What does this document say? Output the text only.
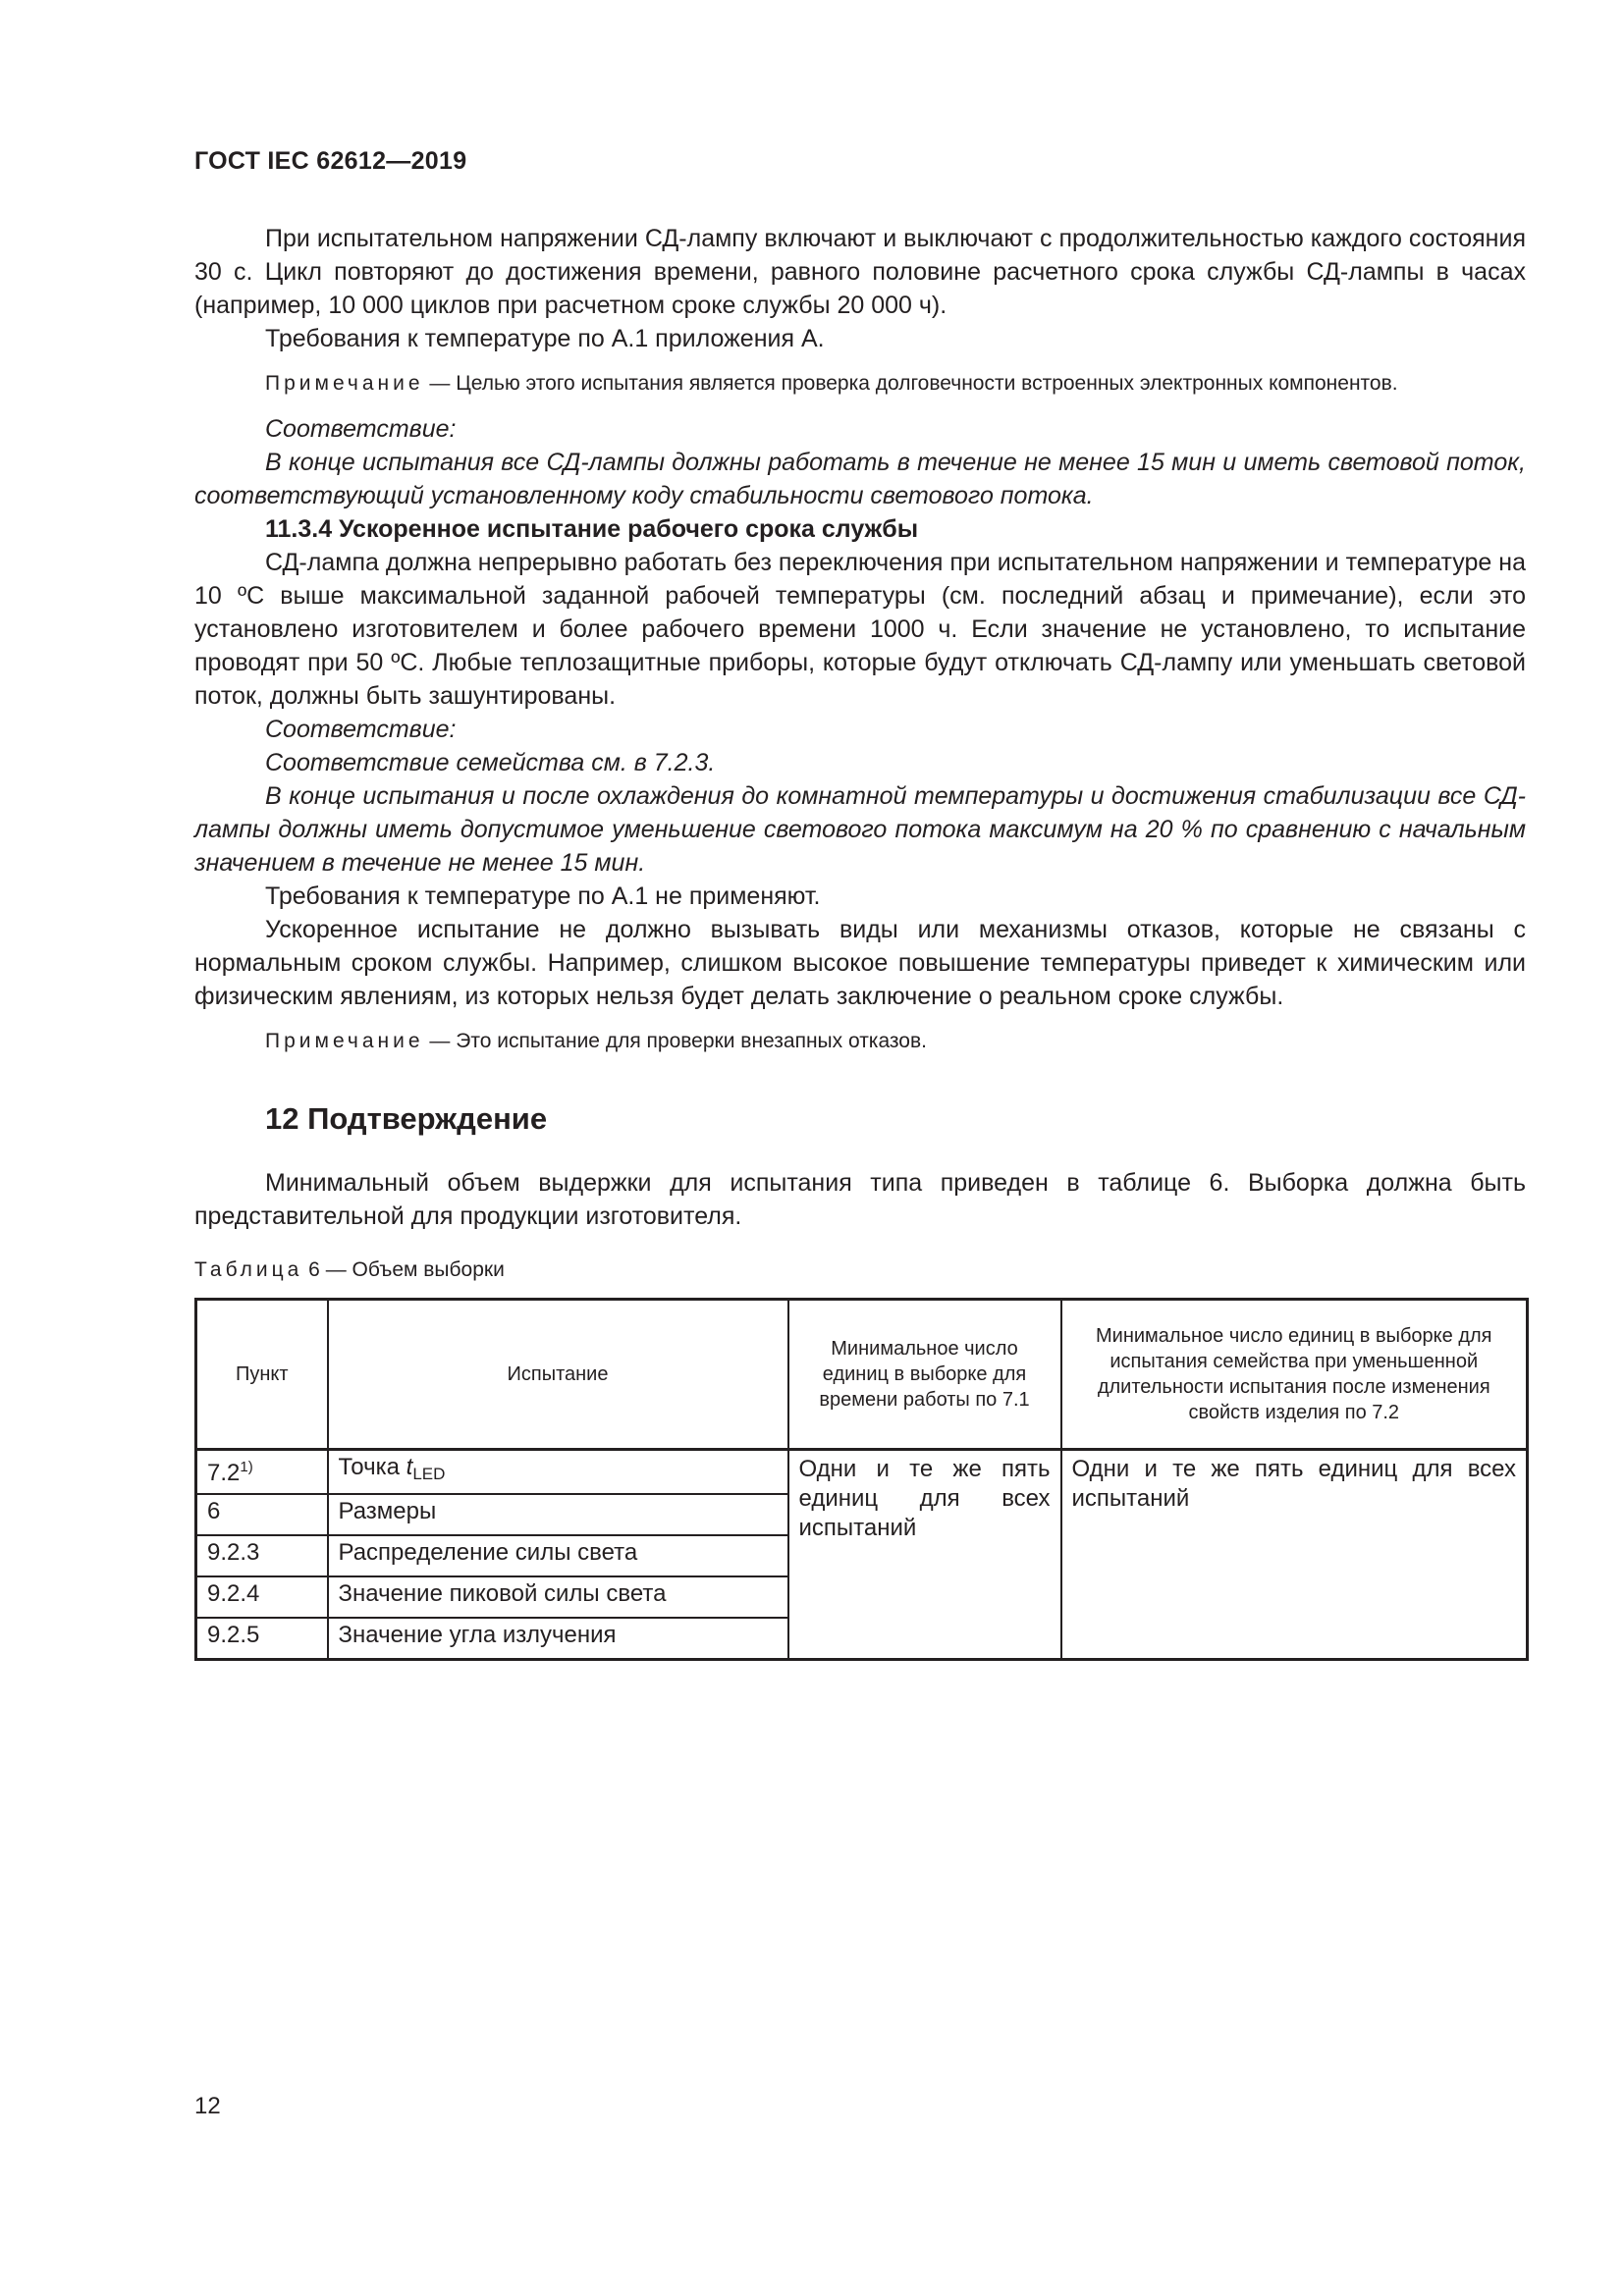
ГОСТ IEC 62612—2019

При испытательном напряжении СД-лампу включают и выключают с продолжительностью каждого состояния 30 с. Цикл повторяют до достижения времени, равного половине расчетного срока службы СД-лампы в часах (например, 10 000 циклов при расчетном сроке службы 20 000 ч).

Требования к температуре по А.1 приложения А.

Примечание — Целью этого испытания является проверка долговечности встроенных электронных компонентов.

Соответствие:

В конце испытания все СД-лампы должны работать в течение не менее 15 мин и иметь световой поток, соответствующий установленному коду стабильности светового потока.

11.3.4 Ускоренное испытание рабочего срока службы

СД-лампа должна непрерывно работать без переключения при испытательном напряжении и температуре на 10 ºС выше максимальной заданной рабочей температуры (см. последний абзац и примечание), если это установлено изготовителем и более рабочего времени 1000 ч. Если значение не установлено, то испытание проводят при 50 ºС. Любые теплозащитные приборы, которые будут отключать СД-лампу или уменьшать световой поток, должны быть зашунтированы.

Соответствие:

Соответствие семейства см. в 7.2.3.

В конце испытания и после охлаждения до комнатной температуры и достижения стабилизации все СД-лампы должны иметь допустимое уменьшение светового потока максимум на 20 % по сравнению с начальным значением в течение не менее 15 мин.

Требования к температуре по А.1 не применяют.

Ускоренное испытание не должно вызывать виды или механизмы отказов, которые не связаны с нормальным сроком службы. Например, слишком высокое повышение температуры приведет к химическим или физическим явлениям, из которых нельзя будет делать заключение о реальном сроке службы.

Примечание — Это испытание для проверки внезапных отказов.

12 Подтверждение

Минимальный объем выдержки для испытания типа приведен в таблице 6. Выборка должна быть представительной для продукции изготовителя.

Таблица 6 — Объем выборки
Пункт	Испытание	Минимальное число единиц в выборке для времени работы по 7.1	Минимальное число единиц в выборке для испытания семейства при уменьшенной длительности испытания после изменения свойств изделия по 7.2
7.2$^{1)}$	Точка $t_{LED}$	Одни и те же пять единиц для всех испытаний	Одни и те же пять единиц для всех испытаний
6	Размеры		
9.2.3	Распределение силы света		
9.2.4	Значение пиковой силы света		
9.2.5	Значение угла излучения		
12
